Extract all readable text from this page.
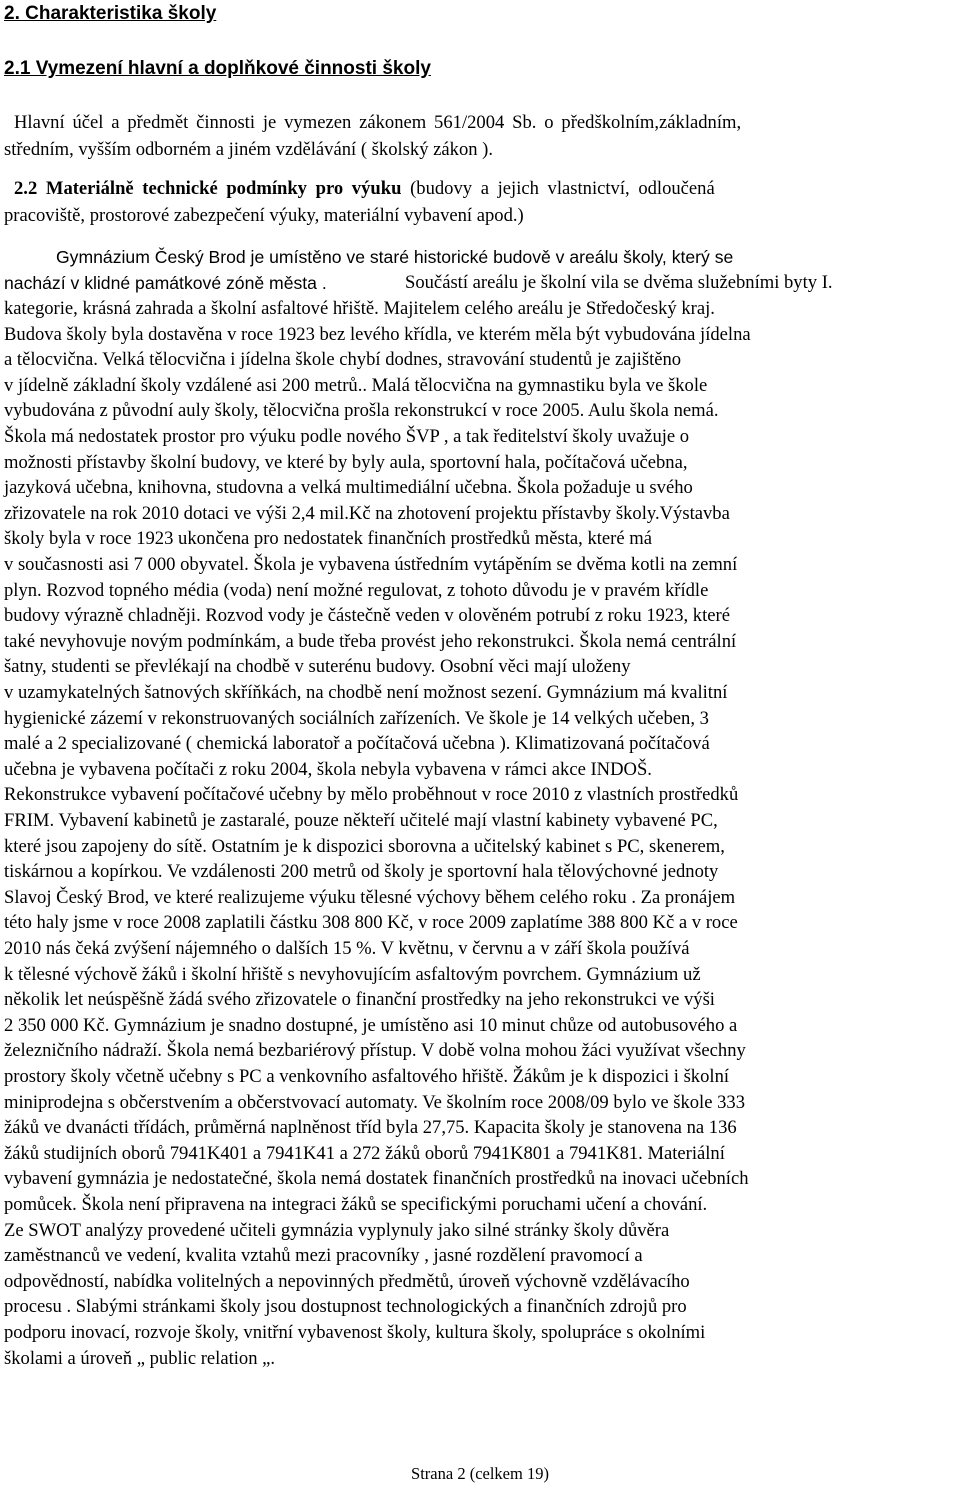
2. Charakteristika školy
2.1 Vymezení hlavní a doplňkové činnosti školy
Hlavní účel a předmět činnosti je vymezen zákonem 561/2004 Sb. o předškolním,základním,
středním, vyšším odborném a jiném vzdělávání ( školský zákon ).
2.2 Materiálně technické podmínky pro výuku (budovy a jejich vlastnictví, odloučená
pracoviště, prostorové zabezpečení výuky, materiální vybavení apod.)
Gymnázium Český Brod je umístěno ve staré historické budově v areálu školy, který se
nachází v klidné památkové zóně města .	Součástí areálu je školní vila se dvěma služebními byty I.
kategorie, krásná zahrada a školní asfaltové hřiště. Majitelem celého areálu je Středočeský kraj.
Budova školy byla dostavěna v roce 1923 bez levého křídla, ve kterém měla být vybudována jídelna
a tělocvična. Velká tělocvična i jídelna škole chybí dodnes, stravování studentů je zajištěno
v jídelně základní školy vzdálené asi 200 metrů.. Malá tělocvična na gymnastiku byla ve škole
vybudována z původní auly školy, tělocvična prošla rekonstrukcí v roce 2005. Aulu škola nemá.
Škola má nedostatek prostor pro výuku podle nového ŠVP , a tak ředitelství školy uvažuje o
možnosti přístavby školní budovy, ve které by byly aula, sportovní hala, počítačová učebna,
jazyková učebna, knihovna, studovna a velká multimediální učebna. Škola požaduje u svého
zřizovatele na rok 2010 dotaci ve výši 2,4 mil.Kč na zhotovení projektu přístavby školy.Výstavba
školy byla v roce 1923 ukončena pro nedostatek finančních prostředků města, které má
v současnosti asi 7 000 obyvatel. Škola je vybavena ústředním vytápěním se dvěma kotli na zemní
plyn. Rozvod topného média (voda) není možné regulovat, z tohoto důvodu je v pravém křídle
budovy výrazně chladněji. Rozvod vody je částečně veden v olověném potrubí z roku 1923, které
také nevyhovuje novým podmínkám, a bude třeba provést jeho rekonstrukci. Škola nemá centrální
šatny, studenti se převlékají na chodbě v suterénu budovy. Osobní věci mají uloženy
v uzamykatelných šatnových skříňkách, na chodbě není možnost sezení. Gymnázium má kvalitní
hygienické zázemí v rekonstruovaných sociálních zařízeních. Ve škole je 14 velkých učeben, 3
malé a 2 specializované ( chemická laboratoř a počítačová učebna ). Klimatizovaná počítačová
učebna je vybavena počítači z roku 2004, škola nebyla vybavena v rámci akce INDOŠ.
Rekonstrukce vybavení počítačové učebny by mělo proběhnout v roce 2010 z vlastních prostředků
FRIM. Vybavení kabinetů je zastaralé, pouze někteří učitelé mají vlastní kabinety vybavené PC,
které jsou zapojeny do sítě. Ostatním je k dispozici sborovna a učitelský kabinet s PC, skenerem,
tiskárnou a kopírkou. Ve vzdálenosti 200 metrů od školy je sportovní hala tělovýchovné jednoty
Slavoj Český Brod, ve které realizujeme výuku tělesné výchovy během celého roku . Za pronájem
této haly jsme v roce 2008 zaplatili částku 308 800 Kč, v roce 2009 zaplatíme 388 800 Kč a v roce
2010 nás čeká zvýšení nájemného o dalších 15 %. V květnu, v červnu a v září škola používá
k tělesné výchově žáků i školní hřiště s nevyhovujícím asfaltovým povrchem. Gymnázium už
několik let neúspěšně žádá svého zřizovatele o finanční prostředky na jeho rekonstrukci ve výši
2 350 000 Kč. Gymnázium je snadno dostupné, je umístěno asi 10 minut chůze od autobusového a
železničního nádraží. Škola nemá bezbariérový přístup. V době volna mohou žáci využívat všechny
prostory školy včetně učebny s PC a venkovního asfaltového hřiště. Žákům je k dispozici i školní
miniprodejna s občerstvením a občerstvovací automaty. Ve školním roce 2008/09 bylo ve škole 333
žáků ve dvanácti třídách, průměrná naplněnost tříd byla 27,75. Kapacita školy je stanovena na 136
žáků studijních oborů 7941K401 a 7941K41 a 272 žáků oborů 7941K801 a 7941K81. Materiální
vybavení gymnázia je nedostatečné, škola nemá dostatek finančních prostředků na inovaci učebních
pomůcek. Škola není připravena na integraci žáků se specifickými poruchami učení a chování.
Ze SWOT analýzy provedené učiteli gymnázia vyplynuly jako silné stránky školy důvěra
zaměstnanců ve vedení, kvalita vztahů mezi pracovníky , jasné rozdělení pravomocí a
odpovědností, nabídka volitelných a nepovinných předmětů, úroveň výchovně vzdělávacího
procesu . Slabými stránkami školy jsou dostupnost technologických a finančních zdrojů pro
podporu inovací, rozvoje školy, vnitřní vybavenost školy, kultura školy, spolupráce s okolními
školami a úroveň „ public relation „.
Strana 2 (celkem 19)
